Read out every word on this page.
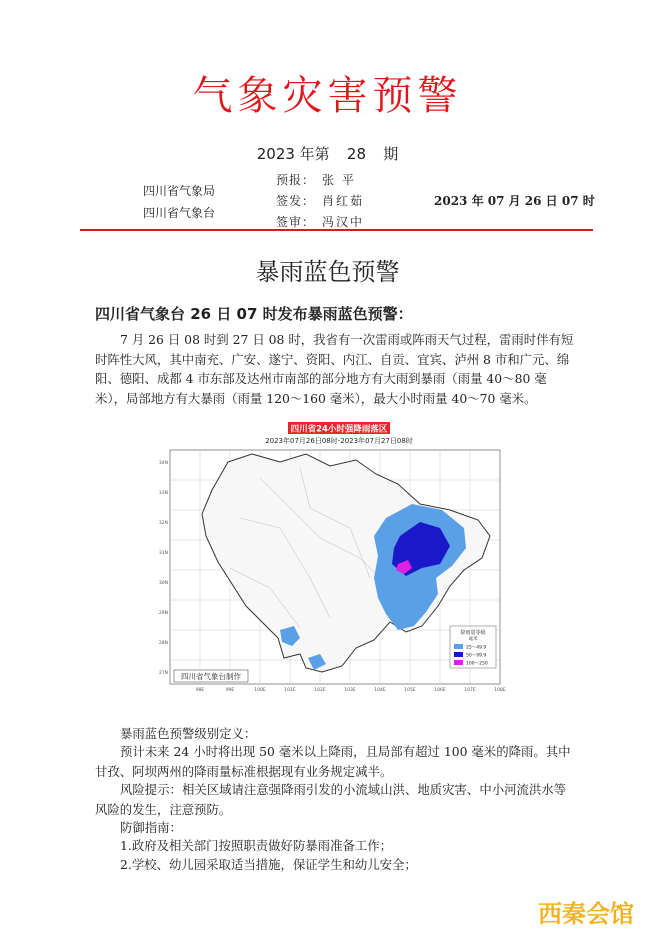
气象灾害预警
2023 年第 28 期
四川省气象局
四川省气象台
预报： 张 平
签发： 肖红茹
签审： 冯汉中
2023 年 07 月 26 日 07 时
暴雨蓝色预警
四川省气象台 26 日 07 时发布暴雨蓝色预警：
7 月 26 日 08 时到 27 日 08 时，我省有一次雷雨或阵雨天气过程，雷雨时伴有短时阵性大风，其中南充、广安、遂宁、资阳、内江、自贡、宜宾、泸州 8 市和广元、绵阳、德阳、成都 4 市东部及达州市南部的部分地方有大雨到暴雨（雨量 40～80 毫米），局部地方有大暴雨（雨量 120～160 毫米），最大小时雨量 40～70 毫米。
四川省24小时强降雨落区
2023年07月26日08时-2023年07月27日08时
降雨量等级
毫米
25～49.9
50～99.9
100～250
98E	99E	100E	101E	102E	103E	104E	105E	106E	107E	108E
34N
33N
32N
31N
30N
29N
28N
27N 四川省气象台制作
暴雨蓝色预警级别定义：
预计未来 24 小时将出现 50 毫米以上降雨，且局部有超过 100 毫米的降雨。其中甘孜、阿坝两州的降雨量标准根据现有业务规定减半。
风险提示：相关区域请注意强降雨引发的小流域山洪、地质灾害、中小河流洪水等风险的发生，注意预防。
防御指南：
1.政府及相关部门按照职责做好防暴雨准备工作；
2.学校、幼儿园采取适当措施，保证学生和幼儿安全；
西秦会馆
